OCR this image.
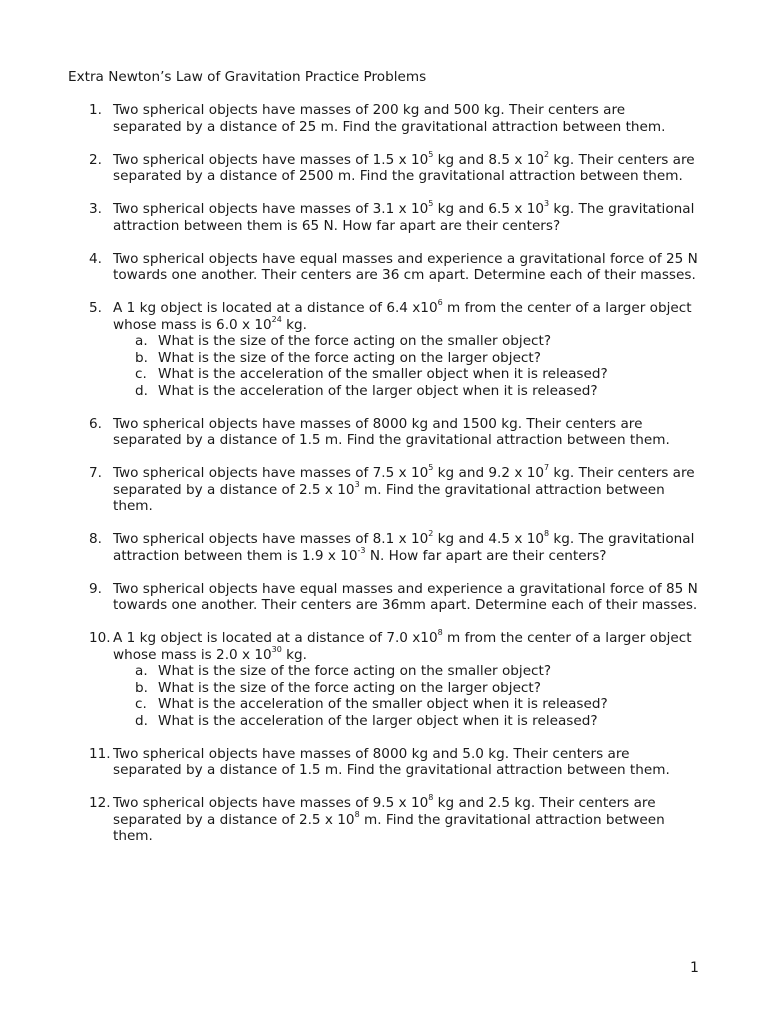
Extra Newton’s Law of Gravitation Practice Problems
1. Two spherical objects have masses of 200 kg and 500 kg. Their centers are separated by a distance of 25 m. Find the gravitational attraction between them.
2. Two spherical objects have masses of 1.5 x $10^5$ kg and 8.5 x $10^2$ kg. Their centers are separated by a distance of 2500 m. Find the gravitational attraction between them.
3. Two spherical objects have masses of 3.1 x $10^5$ kg and 6.5 x $10^3$ kg. The gravitational attraction between them is 65 N. How far apart are their centers?
4. Two spherical objects have equal masses and experience a gravitational force of 25 N towards one another. Their centers are 36 cm apart. Determine each of their masses.
5. A 1 kg object is located at a distance of 6.4 $x10^6$ m from the center of a larger object whose mass is 6.0 x $10^{24}$ kg.
a. What is the size of the force acting on the smaller object?
b. What is the size of the force acting on the larger object?
c. What is the acceleration of the smaller object when it is released?
d. What is the acceleration of the larger object when it is released?
6. Two spherical objects have masses of 8000 kg and 1500 kg. Their centers are separated by a distance of 1.5 m. Find the gravitational attraction between them.
7. Two spherical objects have masses of 7.5 x $10^5$ kg and 9.2 x $10^7$ kg. Their centers are separated by a distance of 2.5 x $10^3$ m. Find the gravitational attraction between them.
8. Two spherical objects have masses of 8.1 x $10^2$ kg and 4.5 x $10^8$ kg. The gravitational attraction between them is 1.9 x $10^{-3}$ N. How far apart are their centers?
9. Two spherical objects have equal masses and experience a gravitational force of 85 N towards one another. Their centers are 36mm apart. Determine each of their masses.
10. A 1 kg object is located at a distance of 7.0 $x10^8$ m from the center of a larger object whose mass is 2.0 x $10^{30}$ kg.
a. What is the size of the force acting on the smaller object?
b. What is the size of the force acting on the larger object?
c. What is the acceleration of the smaller object when it is released?
d. What is the acceleration of the larger object when it is released?
11. Two spherical objects have masses of 8000 kg and 5.0 kg. Their centers are separated by a distance of 1.5 m. Find the gravitational attraction between them.
12. Two spherical objects have masses of 9.5 x $10^8$ kg and 2.5 kg. Their centers are separated by a distance of 2.5 x $10^8$ m. Find the gravitational attraction between them.
1
